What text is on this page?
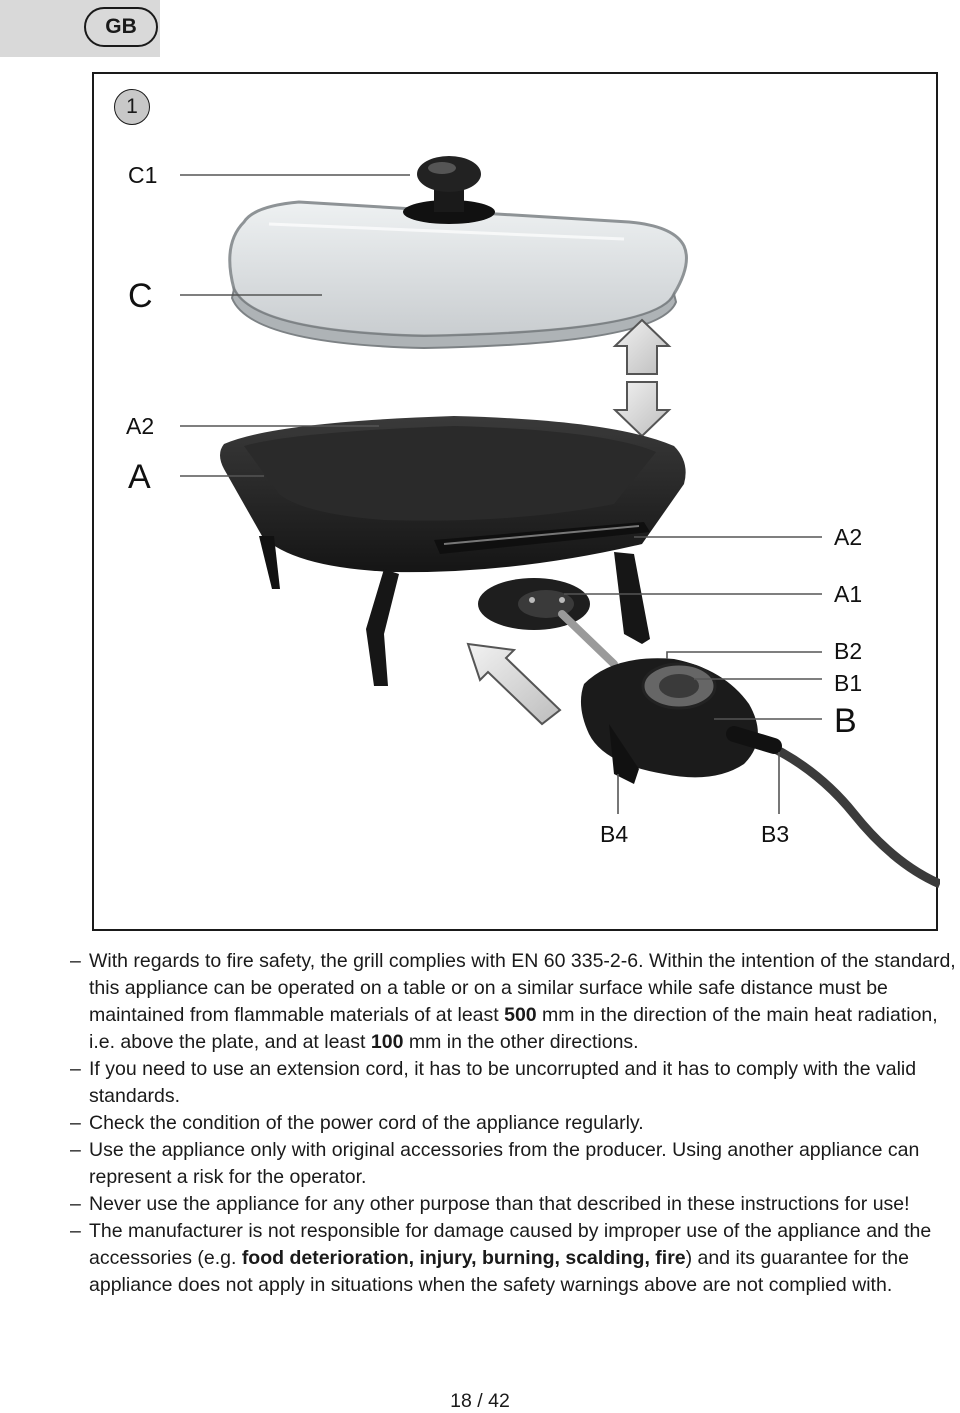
GB
1
C1
C
A2
A
A2
A1
B2
B1
B
B4	B3
– With regards to fire safety, the grill complies with EN 60 335-2-6. Within the intention of the standard, this appliance can be operated on a table or on a similar surface while safe distance must be maintained from flammable materials of at least 500 mm in the direction of the main heat radiation, i.e. above the plate, and at least 100 mm in the other directions.
– If you need to use an extension cord, it has to be uncorrupted and it has to comply with the valid standards.
– Check the condition of the power cord of the appliance regularly.
– Use the appliance only with original accessories from the producer. Using another appliance can represent a risk for the operator.
– Never use the appliance for any other purpose than that described in these instructions for use!
– The manufacturer is not responsible for damage caused by improper use of the appliance and the accessories (e.g. food deterioration, injury, burning, scalding, fire) and its guarantee for the appliance does not apply in situations when the safety warnings above are not complied with.
18 / 42
